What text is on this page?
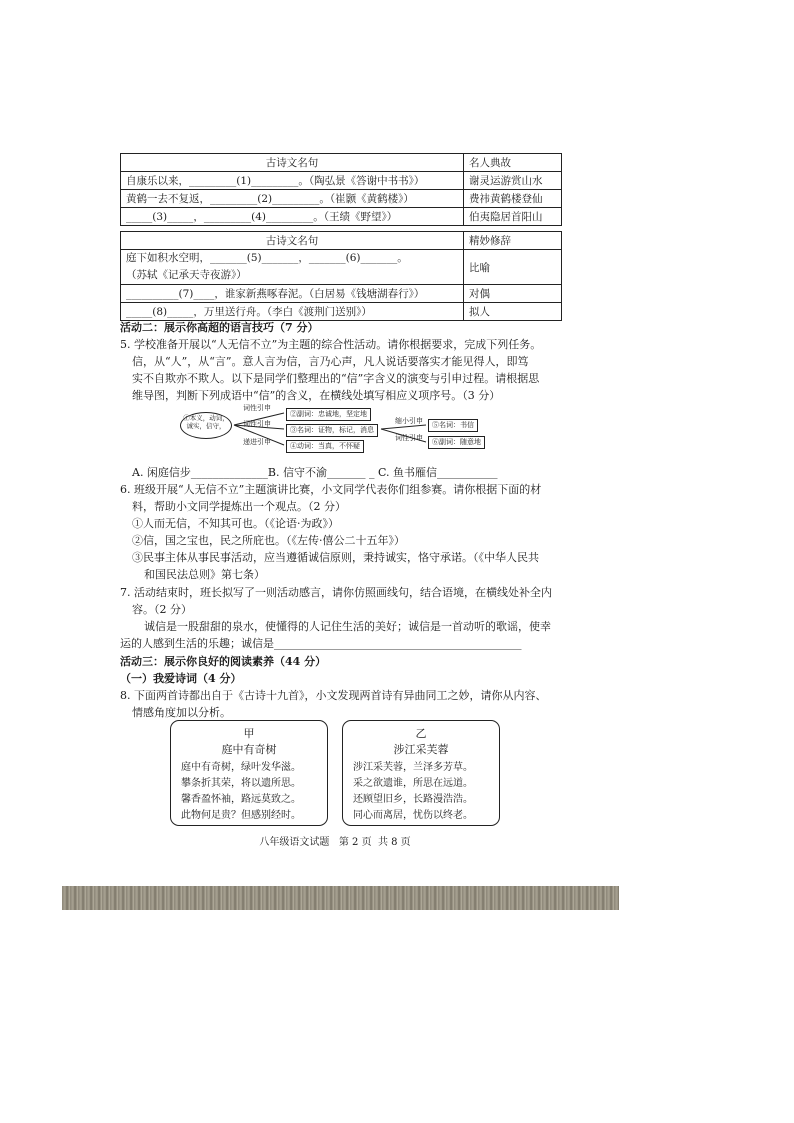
古诗文名句	名人典故
自康乐以来，_________(1)_________。（陶弘景《答谢中书书》）	谢灵运游赏山水
黄鹤一去不复返，_________(2)_________。（崔颢《黄鹤楼》）	费祎黄鹤楼登仙
_____(3)_____，_________(4)_________。（王绩《野望》）	伯夷隐居首阳山
古诗文名句	精妙修辞

庭下如积水空明，_______(5)_______，_______(6)_______。
（苏轼《记承天寺夜游》）	比喻
__________(7)____，谁家新燕啄春泥。（白居易《钱塘湖春行》）	对偶
_____(8)_____，万里送行舟。（李白《渡荆门送别》）	拟人
活动二：展示你高超的语言技巧（7 分）
5. 学校准备开展以“人无信不立”为主题的综合性活动。请你根据要求，完成下列任务。
信，从“人”，从“言”。意人言为信，言乃心声，凡人说话要落实才能见得人，即笃
实不自欺亦不欺人。以下是同学们整理出的“信”字含义的演变与引申过程。请根据思
维导图，判断下列成语中“信”的含义，在横线处填写相应义项序号。（3 分）
①本义，动词，
诚实，信守，
词性引申
词性引申
递进引申
②副词：忠诚地，坚定地
③名词：证物，标记，消息
④动词：当真，不怀疑
缩小引申
词性引申
⑤名词：书信
⑥副词：随意地
A. 闲庭信步______________B. 信守不渝_______ _ C. 鱼书雁信___________
6. 班级开展“人无信不立”主题演讲比赛，小文同学代表你们组参赛。请你根据下面的材
料，帮助小文同学提炼出一个观点。（2 分）
①人而无信，不知其可也。（《论语·为政》）
②信，国之宝也，民之所庇也。（《左传·僖公二十五年》）
③民事主体从事民事活动，应当遵循诚信原则，秉持诚实，恪守承诺。（《中华人民共
和国民法总则》第七条）
7. 活动结束时，班长拟写了一则活动感言，请你仿照画线句，结合语境，在横线处补全内
容。（2 分）
诚信是一股甜甜的泉水，使懂得的人记住生活的美好；诚信是一首动听的歌谣，使幸
运的人感到生活的乐趣；诚信是_____________________________________________
活动三：展示你良好的阅读素养（44 分）
（一）我爱诗词（4 分）
8. 下面两首诗都出自于《古诗十九首》，小文发现两首诗有异曲同工之妙，请你从内容、
情感角度加以分析。
甲
庭中有奇树
庭中有奇树，绿叶发华滋。
攀条折其荣，将以遗所思。
馨香盈怀袖，路远莫致之。
此物何足贵？但感别经时。
乙
涉江采芙蓉
涉江采芙蓉，兰泽多芳草。
采之欲遗谁，所思在远道。
还顾望旧乡，长路漫浩浩。
同心而离居，忧伤以终老。
八年级语文试题   第 2 页  共 8 页
